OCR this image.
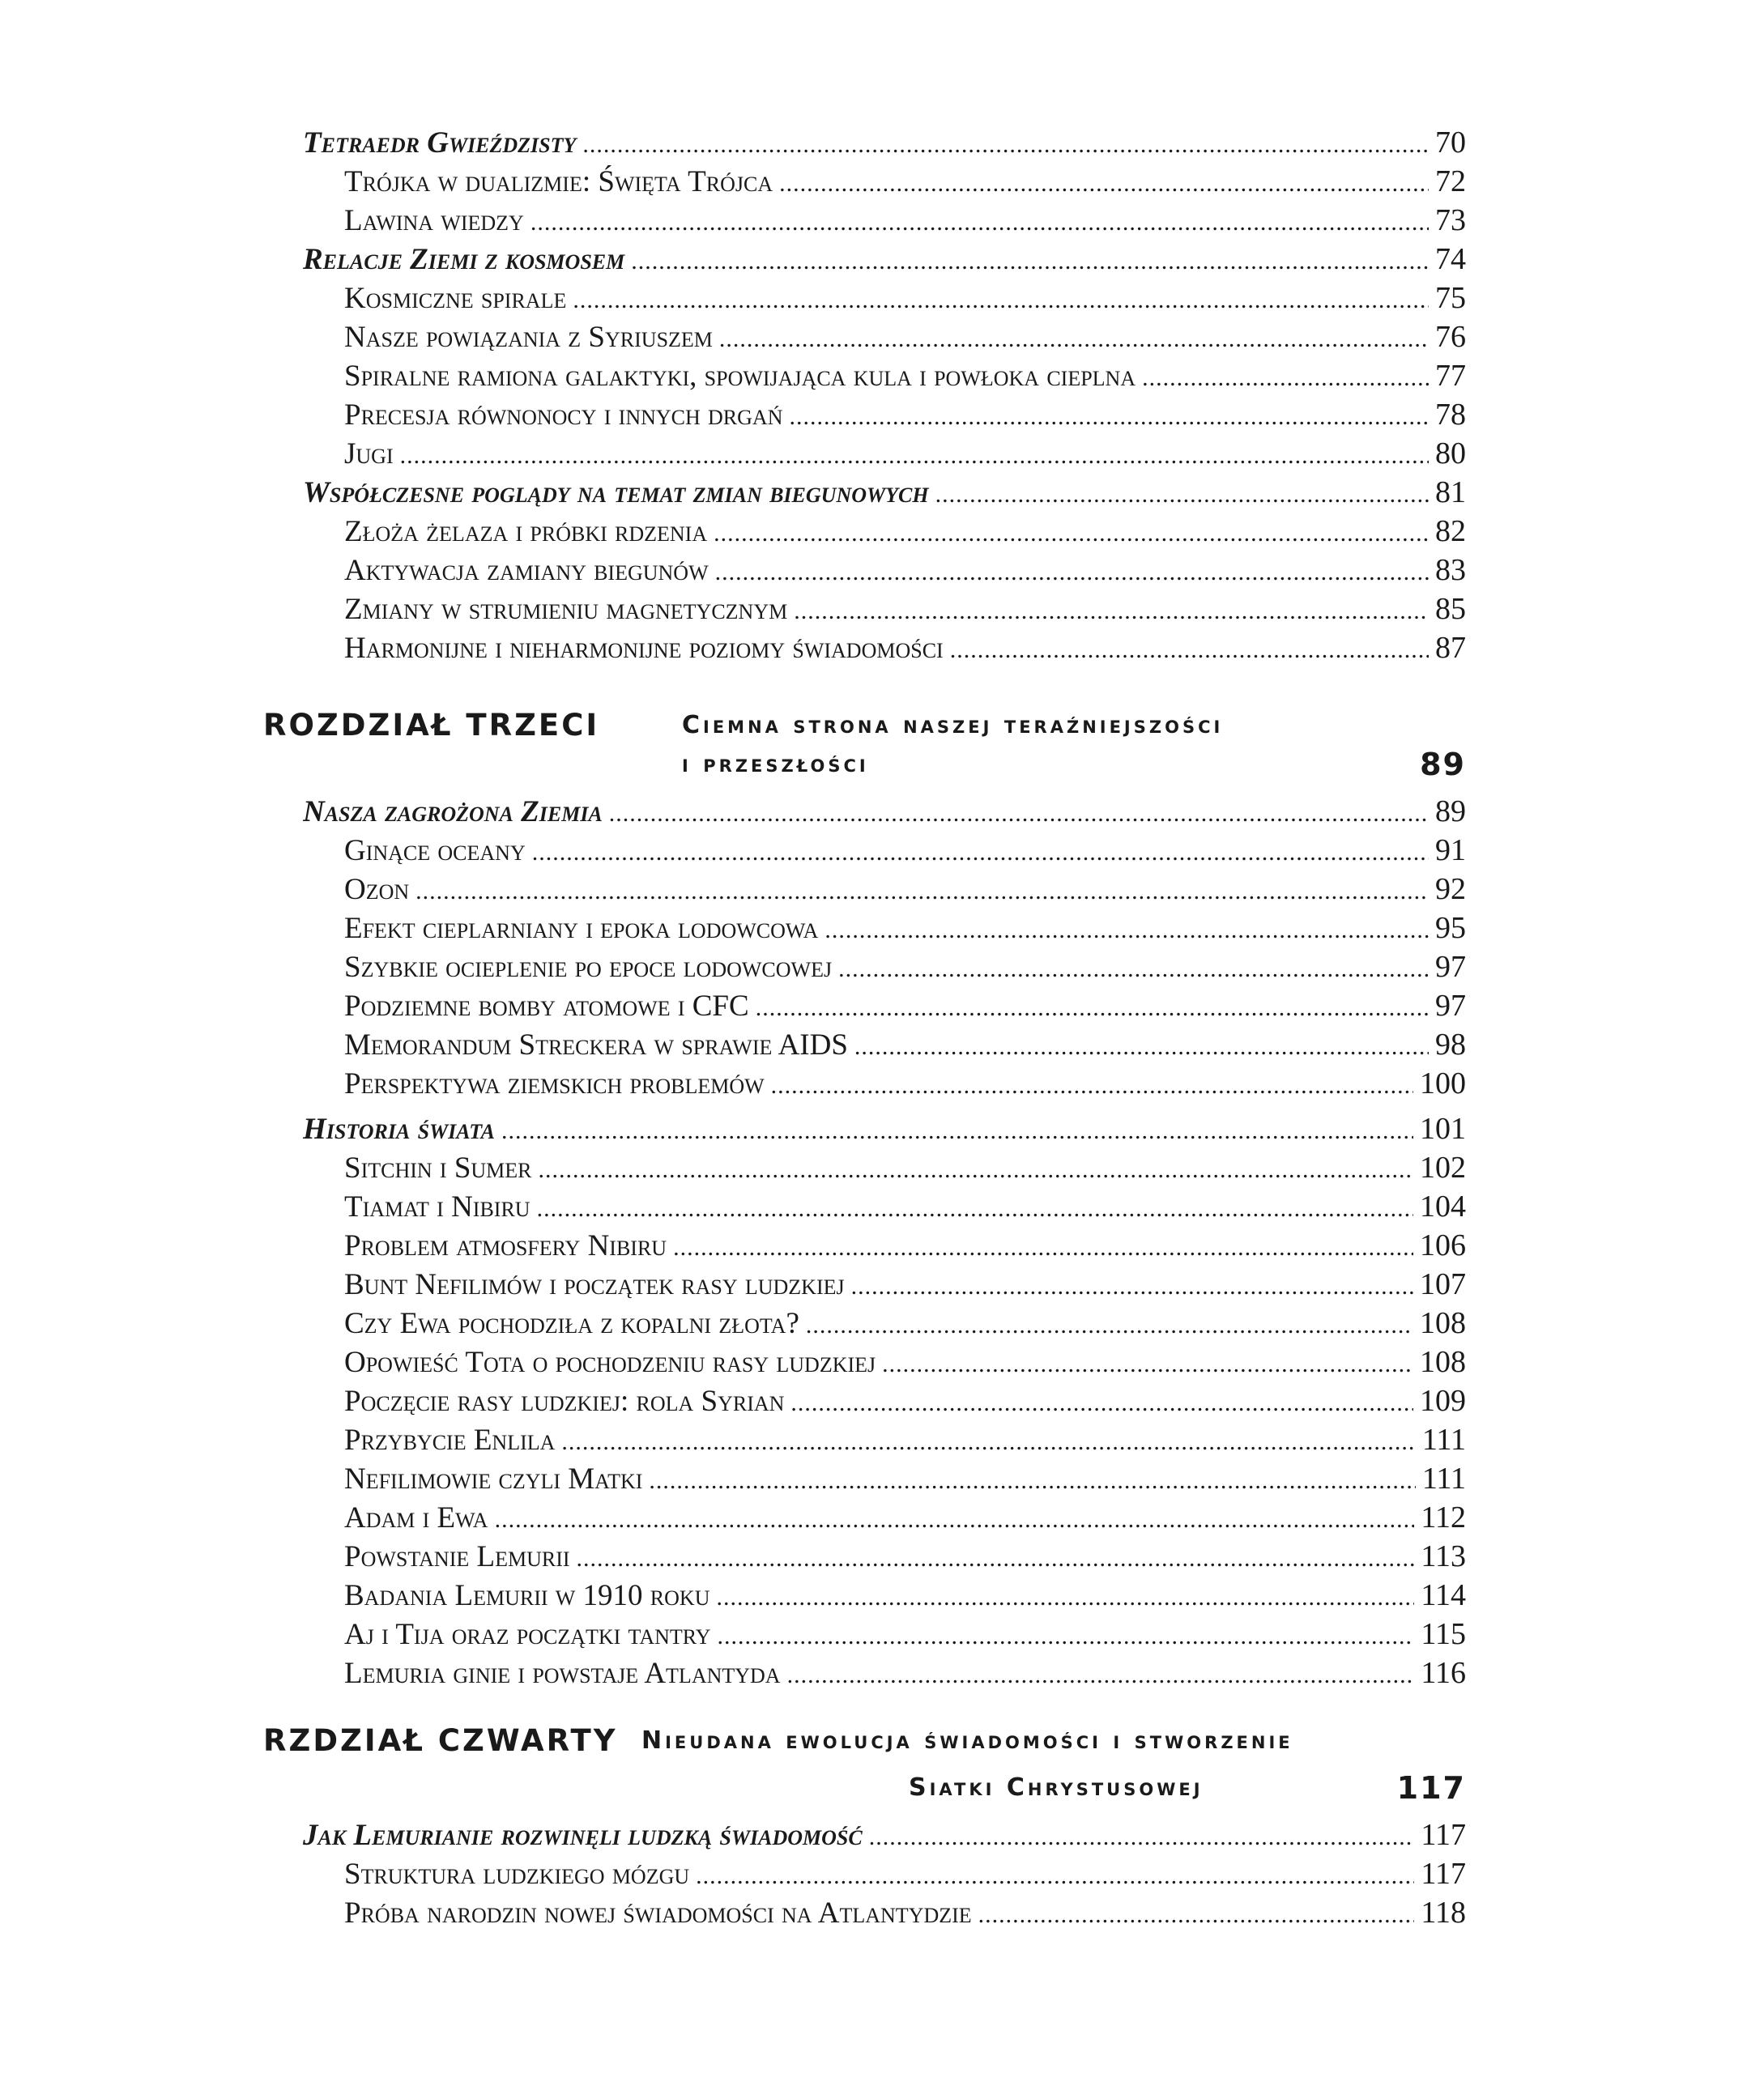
Tetraedr Gwieździsty .....	70
Trójka w dualizmie: Święta Trójca .....	72
Lawina wiedzy .....	73
Relacje Ziemi z kosmosem .....	74
Kosmiczne spirale .....	75
Nasze powiązania z Syriuszem .....	76
Spiralne ramiona galaktyki, spowijająca kula i powłoka cieplna .....	77
Precesja równonocy i innych drgań .....	78
Jugi .....	80
Współczesne poglądy na temat zmian biegunowych .....	81
Złoża żelaza i próbki rdzenia .....	82
Aktywacja zamiany biegunów .....	83
Zmiany w strumieniu magnetycznym .....	85
Harmonijne i nieharmonijne poziomy świadomości .....	87
ROZDZIAŁ TRZECI	Ciemna strona naszej teraźniejszości
i przeszłości	89
Nasza zagrożona Ziemia .....	89
Ginące oceany .....	91
Ozon .....	92
Efekt cieplarniany i epoka lodowcowa .....	95
Szybkie ocieplenie po epoce lodowcowej .....	97
Podziemne bomby atomowe i CFC .....	97
Memorandum Streckera w sprawie AIDS .....	98
Perspektywa ziemskich problemów .....	100
Historia świata .....	101
Sitchin i Sumer .....	102
Tiamat i Nibiru .....	104
Problem atmosfery Nibiru .....	106
Bunt Nefilimów i początek rasy ludzkiej .....	107
Czy Ewa pochodziła z kopalni złota? .....	108
Opowieść Tota o pochodzeniu rasy ludzkiej .....	108
Poczęcie rasy ludzkiej: rola Syrian .....	109
Przybycie Enlila .....	111
Nefilimowie czyli Matki .....	111
Adam i Ewa .....	112
Powstanie Lemurii .....	113
Badania Lemurii w 1910 roku .....	114
Aj i Tija oraz początki tantry .....	115
Lemuria ginie i powstaje Atlantyda .....	116
RZDZIAŁ CZWARTY Nieudana ewolucja świadomości i stworzenie
Siatki Chrystusowej	117
Jak Lemurianie rozwinęli ludzką świadomość .....	117
Struktura ludzkiego mózgu .....	117
Próba narodzin nowej świadomości na Atlantydzie .....	118
